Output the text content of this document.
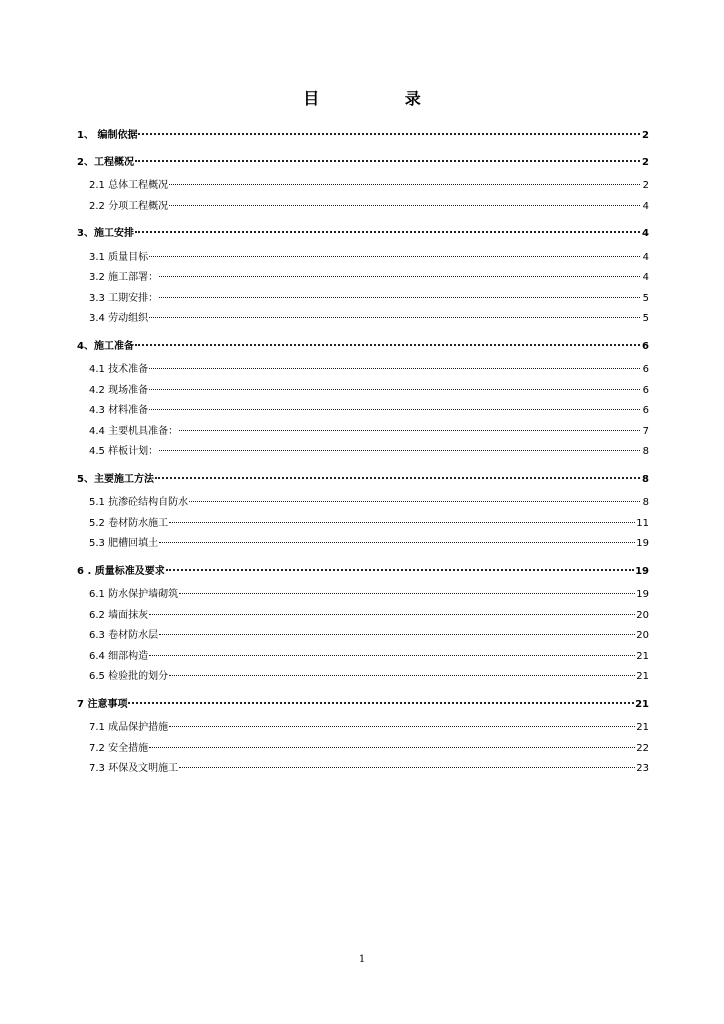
目 录
1、 编制依据	2
2、工程概况	2
2.1 总体工程概况	2
2.2 分项工程概况	4
3、施工安排	4
3.1 质量目标	4
3.2 施工部署：	4
3.3 工期安排：	5
3.4 劳动组织	5
4、施工准备	6
4.1 技术准备	6
4.2 现场准备	6
4.3 材料准备	6
4.4 主要机具准备：	7
4.5 样板计划：	8
5、主要施工方法	8
5.1 抗渗砼结构自防水	8
5.2 卷材防水施工	11
5.3 肥槽回填土	19
6 . 质量标准及要求	19
6.1 防水保护墙砌筑	19
6.2 墙面抹灰	20
6.3 卷材防水层	20
6.4 细部构造	21
6.5 检验批的划分	21
7 注意事项	21
7.1 成品保护措施	21
7.2 安全措施	22
7.3 环保及文明施工	23
1
